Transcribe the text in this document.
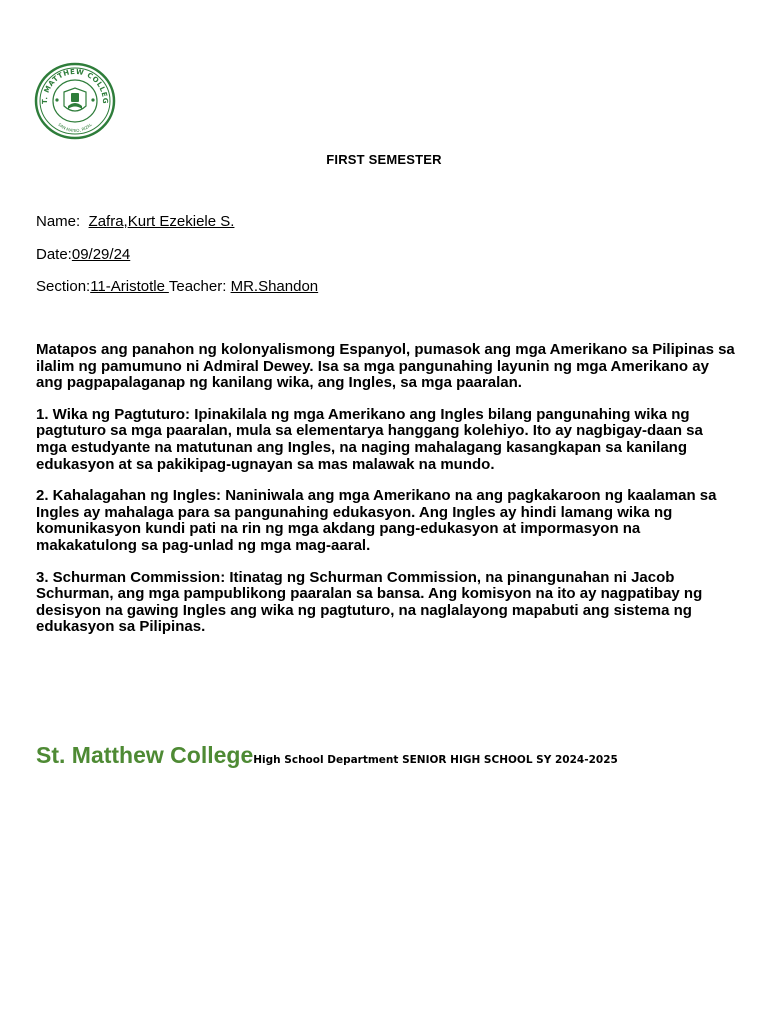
T. MATTHEW COLLEG
SAN MATEO, RIZAL
FIRST SEMESTER
Name: Zafra,Kurt Ezekiele S.
Date:09/29/24
Section:11-Aristotle Teacher: MR.Shandon

Matapos ang panahon ng kolonyalismong Espanyol, pumasok ang mga Amerikano sa Pilipinas sa ilalim ng pamumuno ni Admiral Dewey. Isa sa mga pangunahing layunin ng mga Amerikano ay ang pagpapalaganap ng kanilang wika, ang Ingles, sa mga paaralan.

1. Wika ng Pagtuturo: Ipinakilala ng mga Amerikano ang Ingles bilang pangunahing wika ng pagtuturo sa mga paaralan, mula sa elementarya hanggang kolehiyo. Ito ay nagbigay-daan sa mga estudyante na matutunan ang Ingles, na naging mahalagang kasangkapan sa kanilang edukasyon at sa pakikipag-ugnayan sa mas malawak na mundo.

2. Kahalagahan ng Ingles: Naniniwala ang mga Amerikano na ang pagkakaroon ng kaalaman sa Ingles ay mahalaga para sa pangunahing edukasyon. Ang Ingles ay hindi lamang wika ng komunikasyon kundi pati na rin ng mga akdang pang-edukasyon at impormasyon na makakatulong sa pag-unlad ng mga mag-aaral.

3. Schurman Commission: Itinatag ng Schurman Commission, na pinangunahan ni Jacob Schurman, ang mga pampublikong paaralan sa bansa. Ang komisyon na ito ay nagpatibay ng desisyon na gawing Ingles ang wika ng pagtuturo, na naglalayong mapabuti ang sistema ng edukasyon sa Pilipinas.

St. Matthew CollegeHigh School Department SENIOR HIGH SCHOOL SY 2024-2025
